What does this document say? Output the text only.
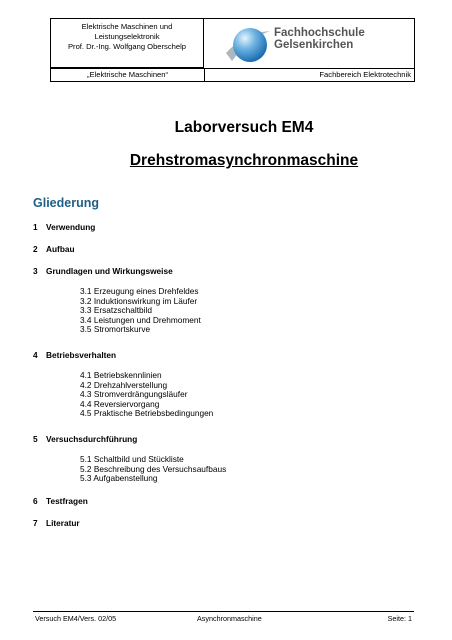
Elektrische Maschinen und
Leistungselektronik
Prof. Dr.-Ing. Wolfgang Oberschelp
Fachhochschule
Gelsenkirchen
„Elektrische Maschinen“	Fachbereich Elektrotechnik
Laborversuch EM4
Drehstromasynchronmaschine
Gliederung
1 Verwendung
2 Aufbau
3 Grundlagen und Wirkungsweise
3.1 Erzeugung eines Drehfeldes
3.2 Induktionswirkung im Läufer
3.3 Ersatzschaltbild
3.4 Leistungen und Drehmoment
3.5 Stromortskurve
4 Betriebsverhalten
4.1 Betriebskennlinien
4.2 Drehzahlverstellung
4.3 Stromverdrängungsläufer
4.4 Reversiervorgang
4.5 Praktische Betriebsbedingungen
5 Versuchsdurchführung
5.1 Schaltbild und Stückliste
5.2 Beschreibung des Versuchsaufbaus
5.3 Aufgabenstellung
6 Testfragen
7 Literatur
Versuch EM4/Vers. 02/05	Asynchronmaschine	Seite: 1
